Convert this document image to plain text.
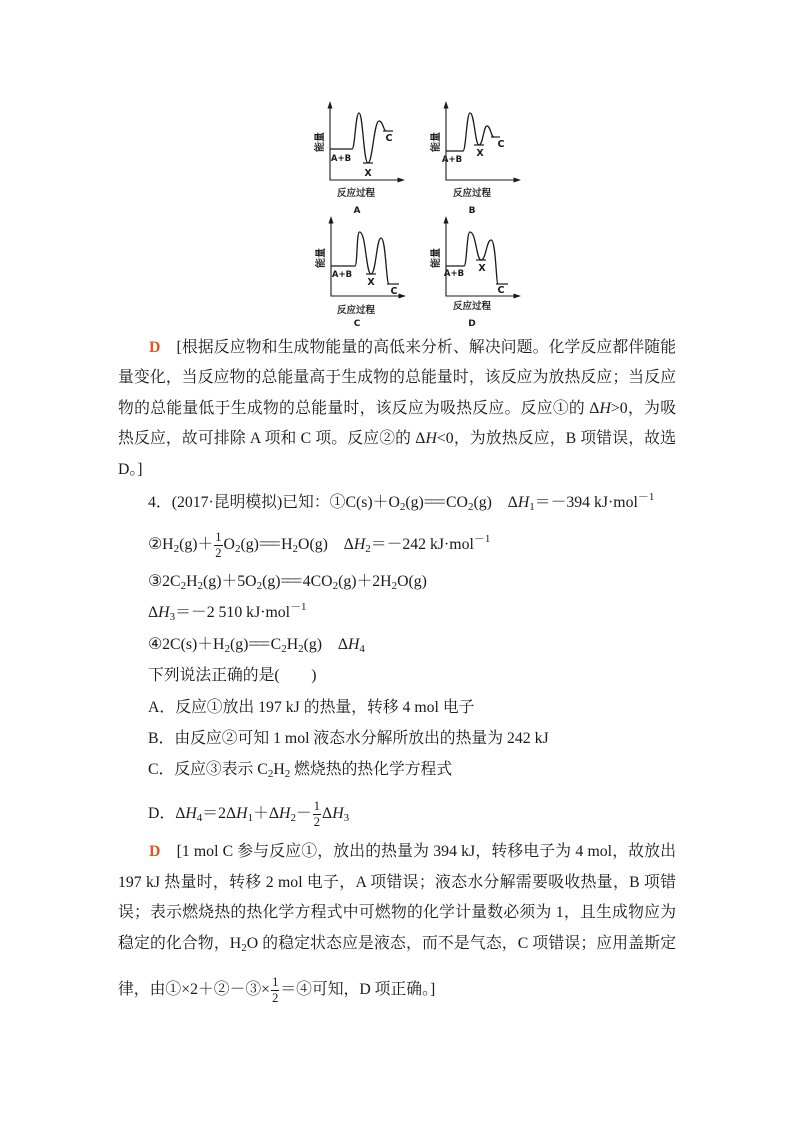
能量
A+B
X
C
反应过程
A
能量
A+B
X
C
反应过程
B
能量
A+B
X
C
反应过程
C
能量
A+B X
C
反应过程
D
D　[根据反应物和生成物能量的高低来分析、解决问题。化学反应都伴随能
量变化，当反应物的总能量高于生成物的总能量时，该反应为放热反应；当反应
物的总能量低于生成物的总能量时，该反应为吸热反应。反应①的 ΔH>0，为吸
热反应，故可排除 A 项和 C 项。反应②的 ΔH<0，为放热反应，B 项错误，故选
D。]
4．(2017·昆明模拟)已知：$①C(s)+O_2(g)=== CO_2(g)$　$\Delta H_1=-394$ kJ·mol$^{-1}$
$②H_2(g)+ \frac{1}{2} O_2(g)=== H_2O(g)$　$\Delta H_2=-242$ kJ·mol$^{-1}$
$③2C_2H_2(g)+5O_2(g)=== 4CO_2(g)+2H_2O(g)$
$\Delta H_3=-2$ 510 kJ·mol$^{-1}$
$④2C(s)+H_2(g)=== C_2H_2(g)$　$\Delta H_4$
下列说法正确的是(　　)
A．反应①放出 197 kJ 的热量，转移 4 mol 电子
B．由反应②可知 1 mol 液态水分解所放出的热量为 242 kJ
C．反应③表示 $C_2H_2$ 燃烧热的热化学方程式
D．$\Delta H_4=2\Delta H_1+\Delta H_2- \frac{1}{2} \Delta H_3$
D　[1 mol C 参与反应①，放出的热量为 394 kJ，转移电子为 4 mol，故放出
197 kJ 热量时，转移 2 mol 电子，A 项错误；液态水分解需要吸收热量，B 项错
误；表示燃烧热的热化学方程式中可燃物的化学计量数必须为 1，且生成物应为
稳定的化合物，$H_2O$ 的稳定状态应是液态，而不是气态，C 项错误；应用盖斯定
律，由①×2＋②－③× $\frac{1}{2}$ ＝④可知，D 项正确。]
